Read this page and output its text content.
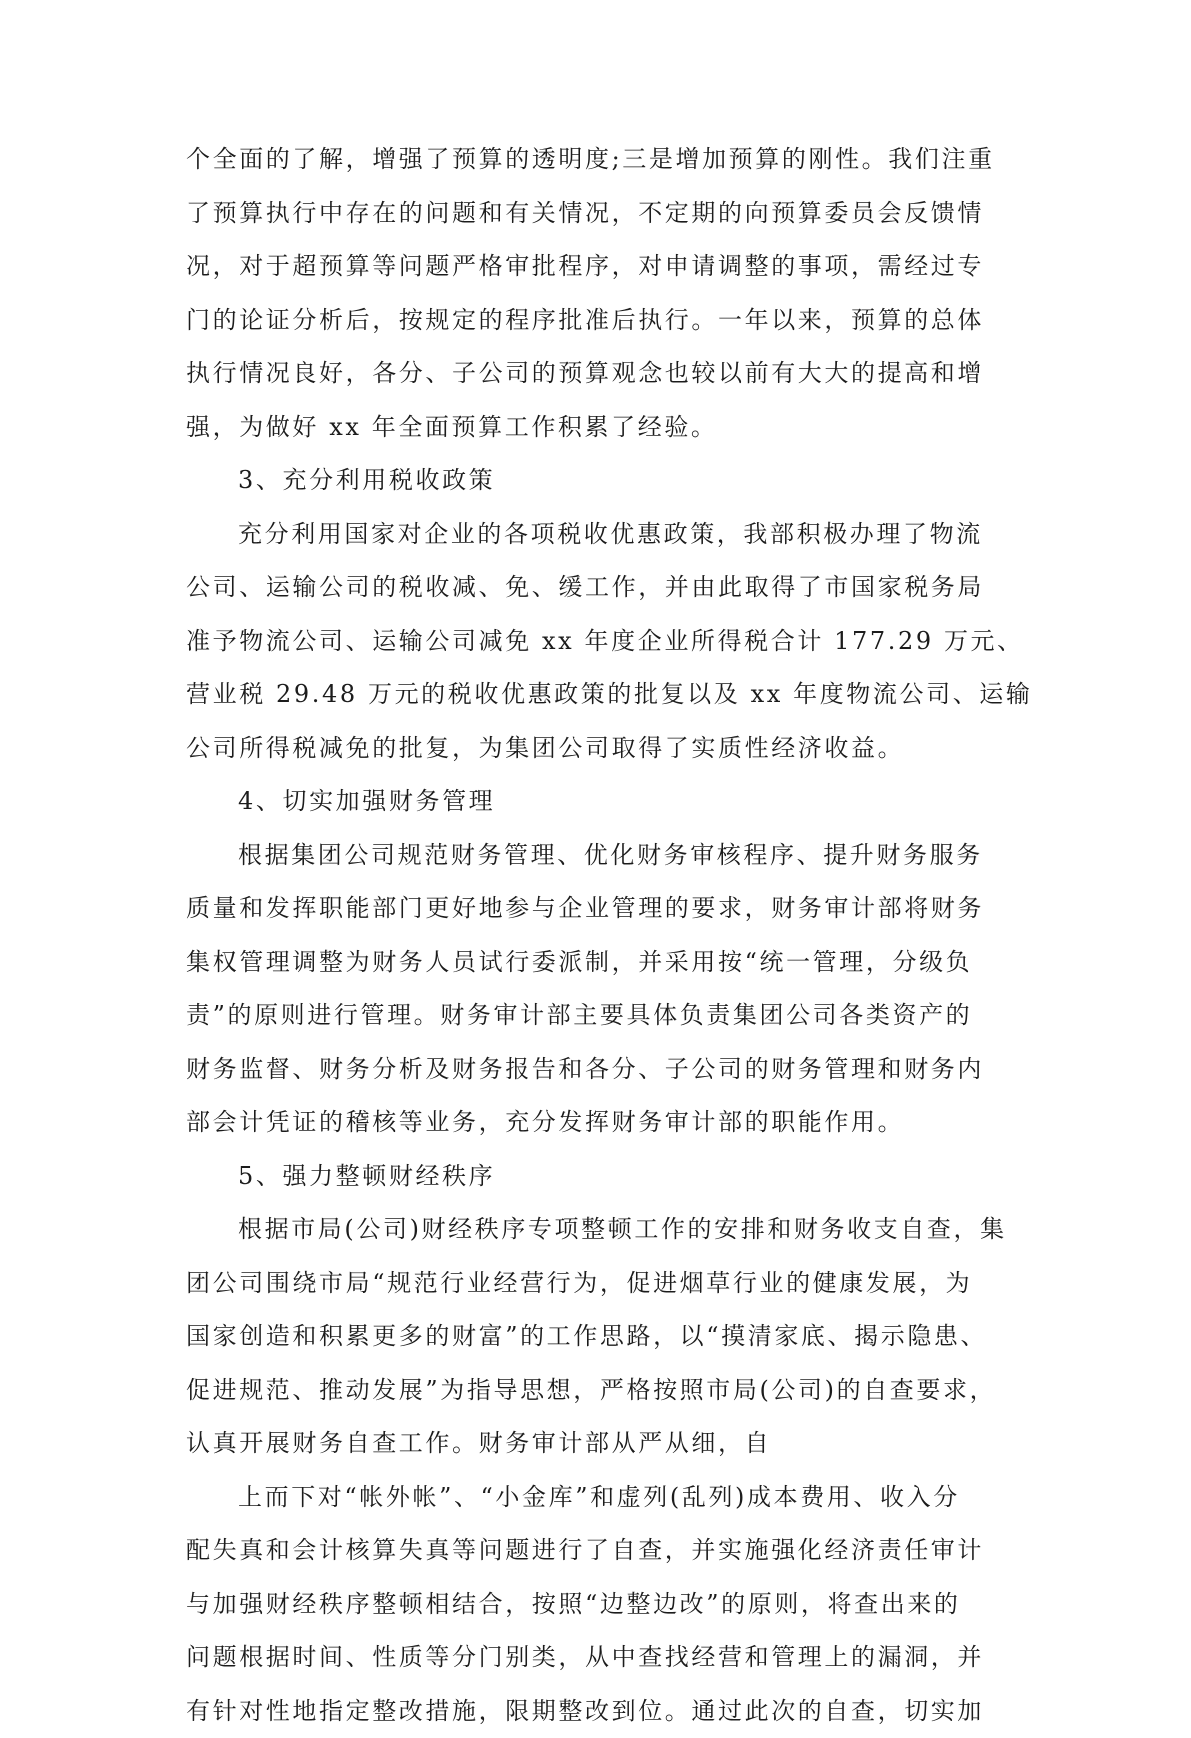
个全面的了解，增强了预算的透明度;三是增加预算的刚性。我们注重
了预算执行中存在的问题和有关情况，不定期的向预算委员会反馈情
况，对于超预算等问题严格审批程序，对申请调整的事项，需经过专
门的论证分析后，按规定的程序批准后执行。一年以来，预算的总体
执行情况良好，各分、子公司的预算观念也较以前有大大的提高和增
强，为做好 xx 年全面预算工作积累了经验。
3、充分利用税收政策
充分利用国家对企业的各项税收优惠政策，我部积极办理了物流
公司、运输公司的税收减、免、缓工作，并由此取得了市国家税务局
准予物流公司、运输公司减免 xx 年度企业所得税合计 177.29 万元、
营业税 29.48 万元的税收优惠政策的批复以及 xx 年度物流公司、运输
公司所得税减免的批复，为集团公司取得了实质性经济收益。
4、切实加强财务管理
根据集团公司规范财务管理、优化财务审核程序、提升财务服务
质量和发挥职能部门更好地参与企业管理的要求，财务审计部将财务
集权管理调整为财务人员试行委派制，并采用按“统一管理，分级负
责”的原则进行管理。财务审计部主要具体负责集团公司各类资产的
财务监督、财务分析及财务报告和各分、子公司的财务管理和财务内
部会计凭证的稽核等业务，充分发挥财务审计部的职能作用。
5、强力整顿财经秩序
根据市局(公司)财经秩序专项整顿工作的安排和财务收支自查，集
团公司围绕市局“规范行业经营行为，促进烟草行业的健康发展，为
国家创造和积累更多的财富”的工作思路，以“摸清家底、揭示隐患、
促进规范、推动发展”为指导思想，严格按照市局(公司)的自查要求，
认真开展财务自查工作。财务审计部从严从细，自
上而下对“帐外帐”、“小金库”和虚列(乱列)成本费用、收入分
配失真和会计核算失真等问题进行了自查，并实施强化经济责任审计
与加强财经秩序整顿相结合，按照“边整边改”的原则，将查出来的
问题根据时间、性质等分门别类，从中查找经营和管理上的漏洞，并
有针对性地指定整改措施，限期整改到位。通过此次的自查，切实加
